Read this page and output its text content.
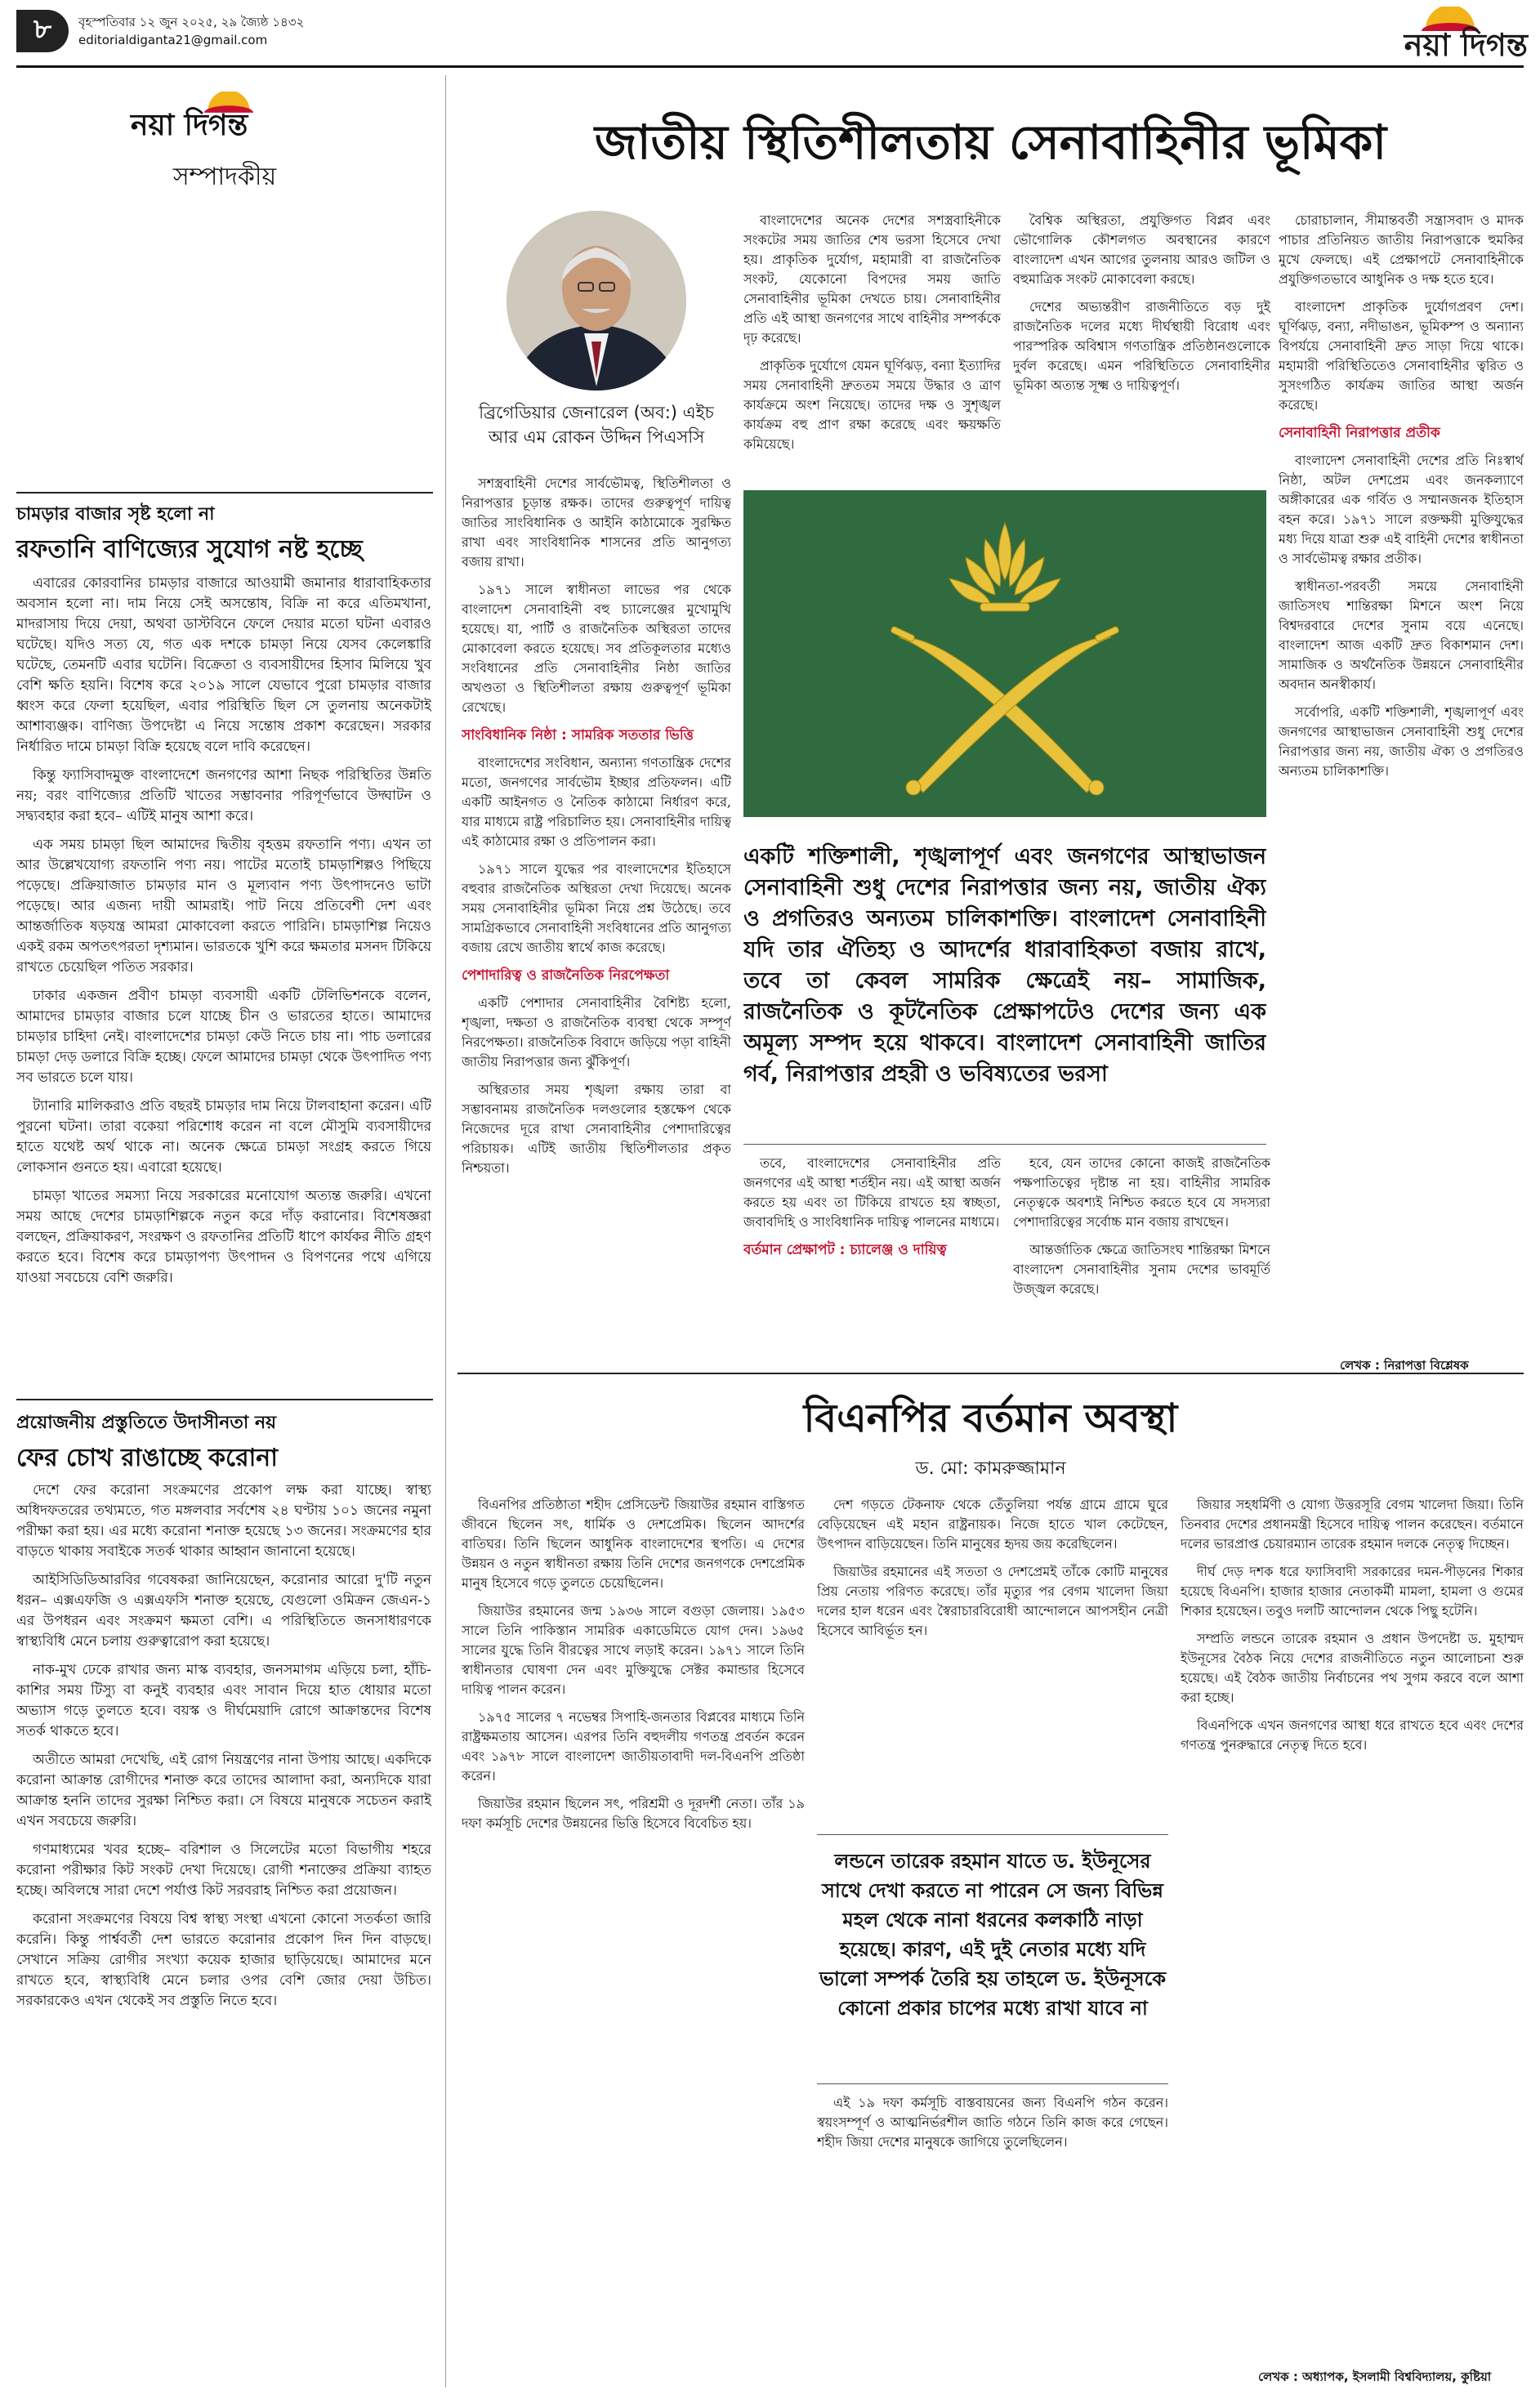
৮ বৃহস্পতিবার ১২ জুন ২০২৫, ২৯ জ্যৈষ্ঠ ১৪৩২
editorialdiganta21@gmail.com	নয়া দিগন্ত
নয়া দিগন্ত
সম্পাদকীয়
চামড়ার বাজার সৃষ্ট হলো না
রফতানি বাণিজ্যের সুযোগ নষ্ট হচ্ছে

এবারের কোরবানির চামড়ার বাজারে আওয়ামী জমানার ধারাবাহিকতার অবসান হলো না। দাম নিয়ে সেই অসন্তোষ, বিক্রি না করে এতিমখানা, মাদরাসায় দিয়ে দেয়া, অথবা ডাস্টবিনে ফেলে দেয়ার মতো ঘটনা এবারও ঘটেছে। যদিও সত্য যে, গত এক দশকে চামড়া নিয়ে যেসব কেলেঙ্কারি ঘটেছে, তেমনটি এবার ঘটেনি। বিক্রেতা ও ব্যবসায়ীদের হিসাব মিলিয়ে খুব বেশি ক্ষতি হয়নি। বিশেষ করে ২০১৯ সালে যেভাবে পুরো চামড়ার বাজার ধ্বংস করে ফেলা হয়েছিল, এবার পরিস্থিতি ছিল সে তুলনায় অনেকটাই আশাব্যঞ্জক। বাণিজ্য উপদেষ্টা এ নিয়ে সন্তোষ প্রকাশ করেছেন। সরকার নির্ধারিত দামে চামড়া বিক্রি হয়েছে বলে দাবি করেছেন।

কিন্তু ফ্যাসিবাদমুক্ত বাংলাদেশে জনগণের আশা নিছক পরিস্থিতির উন্নতি নয়; বরং বাণিজ্যের প্রতিটি খাতের সম্ভাবনার পরিপূর্ণভাবে উদ্ঘাটন ও সদ্ব্যবহার করা হবে– এটিই মানুষ আশা করে।

এক সময় চামড়া ছিল আমাদের দ্বিতীয় বৃহত্তম রফতানি পণ্য। এখন তা আর উল্লেখযোগ্য রফতানি পণ্য নয়। পাটের মতোই চামড়াশিল্পও পিছিয়ে পড়েছে। প্রক্রিয়াজাত চামড়ার মান ও মূল্যবান পণ্য উৎপাদনেও ভাটা পড়েছে। আর এজন্য দায়ী আমরাই। পাট নিয়ে প্রতিবেশী দেশ এবং আন্তর্জাতিক ষড়যন্ত্র আমরা মোকাবেলা করতে পারিনি। চামড়াশিল্প নিয়েও একই রকম অপতৎপরতা দৃশ্যমান। ভারতকে খুশি করে ক্ষমতার মসনদ টিকিয়ে রাখতে চেয়েছিল পতিত সরকার।

ঢাকার একজন প্রবীণ চামড়া ব্যবসায়ী একটি টেলিভিশনকে বলেন, আমাদের চামড়ার বাজার চলে যাচ্ছে চীন ও ভারতের হাতে। আমাদের চামড়ার চাহিদা নেই। বাংলাদেশের চামড়া কেউ নিতে চায় না। পাচ ডলারের চামড়া দেড় ডলারে বিক্রি হচ্ছে। ফেলে আমাদের চামড়া থেকে উৎপাদিত পণ্য সব ভারতে চলে যায়।

ট্যানারি মালিকরাও প্রতি বছরই চামড়ার দাম নিয়ে টালবাহানা করেন। এটি পুরনো ঘটনা। তারা বকেয়া পরিশোধ করেন না বলে মৌসুমি ব্যবসায়ীদের হাতে যথেষ্ট অর্থ থাকে না। অনেক ক্ষেত্রে চামড়া সংগ্রহ করতে গিয়ে লোকসান গুনতে হয়। এবারো হয়েছে।

চামড়া খাতের সমস্যা নিয়ে সরকারের মনোযোগ অত্যন্ত জরুরি। এখনো সময় আছে দেশের চামড়াশিল্পকে নতুন করে দাঁড় করানোর। বিশেষজ্ঞরা বলছেন, প্রক্রিয়াকরণ, সংরক্ষণ ও রফতানির প্রতিটি ধাপে কার্যকর নীতি গ্রহণ করতে হবে। বিশেষ করে চামড়াপণ্য উৎপাদন ও বিপণনের পথে এগিয়ে যাওয়া সবচেয়ে বেশি জরুরি।

প্রয়োজনীয় প্রস্তুতিতে উদাসীনতা নয়
ফের চোখ রাঙাচ্ছে করোনা

দেশে ফের করোনা সংক্রমণের প্রকোপ লক্ষ করা যাচ্ছে। স্বাস্থ্য অধিদফতরের তথ্যমতে, গত মঙ্গলবার সর্বশেষ ২৪ ঘণ্টায় ১০১ জনের নমুনা পরীক্ষা করা হয়। এর মধ্যে করোনা শনাক্ত হয়েছে ১৩ জনের। সংক্রমণের হার বাড়তে থাকায় সবাইকে সতর্ক থাকার আহ্বান জানানো হয়েছে।

আইসিডিডিআরবির গবেষকরা জানিয়েছেন, করোনার আরো দু'টি নতুন ধরন– এক্সএফজি ও এক্সএফসি শনাক্ত হয়েছে, যেগুলো ওমিক্রন জেএন-১ এর উপধরন এবং সংক্রমণ ক্ষমতা বেশি। এ পরিস্থিতিতে জনসাধারণকে স্বাস্থ্যবিধি মেনে চলায় গুরুত্বারোপ করা হয়েছে।

নাক-মুখ ঢেকে রাখার জন্য মাস্ক ব্যবহার, জনসমাগম এড়িয়ে চলা, হাঁচি-কাশির সময় টিস্যু বা কনুই ব্যবহার এবং সাবান দিয়ে হাত ধোয়ার মতো অভ্যাস গড়ে তুলতে হবে। বয়স্ক ও দীর্ঘমেয়াদি রোগে আক্রান্তদের বিশেষ সতর্ক থাকতে হবে।

অতীতে আমরা দেখেছি, এই রোগ নিয়ন্ত্রণের নানা উপায় আছে। একদিকে করোনা আক্রান্ত রোগীদের শনাক্ত করে তাদের আলাদা করা, অন্যদিকে যারা আক্রান্ত হননি তাদের সুরক্ষা নিশ্চিত করা। সে বিষয়ে মানুষকে সচেতন করাই এখন সবচেয়ে জরুরি।

গণমাধ্যমের খবর হচ্ছে– বরিশাল ও সিলেটের মতো বিভাগীয় শহরে করোনা পরীক্ষার কিট সংকট দেখা দিয়েছে। রোগী শনাক্তের প্রক্রিয়া ব্যাহত হচ্ছে। অবিলম্বে সারা দেশে পর্যাপ্ত কিট সরবরাহ নিশ্চিত করা প্রয়োজন।

করোনা সংক্রমণের বিষয়ে বিশ্ব স্বাস্থ্য সংস্থা এখনো কোনো সতর্কতা জারি করেনি। কিন্তু পার্শ্ববর্তী দেশ ভারতে করোনার প্রকোপ দিন দিন বাড়ছে। সেখানে সক্রিয় রোগীর সংখ্যা কয়েক হাজার ছাড়িয়েছে। আমাদের মনে রাখতে হবে, স্বাস্থ্যবিধি মেনে চলার ওপর বেশি জোর দেয়া উচিত। সরকারকেও এখন থেকেই সব প্রস্তুতি নিতে হবে।

জাতীয় স্থিতিশীলতায় সেনাবাহিনীর ভূমিকা
ব্রিগেডিয়ার জেনারেল (অব:) এইচ আর এম রোকন উদ্দিন পিএসসি

সশস্ত্রবাহিনী দেশের সার্বভৌমত্ব, স্থিতিশীলতা ও নিরাপত্তার চূড়ান্ত রক্ষক। তাদের গুরুত্বপূর্ণ দায়িত্ব জাতির সাংবিধানিক ও আইনি কাঠামোকে সুরক্ষিত রাখা এবং সাংবিধানিক শাসনের প্রতি আনুগত্য বজায় রাখা।

১৯৭১ সালে স্বাধীনতা লাভের পর থেকে বাংলাদেশ সেনাবাহিনী বহু চ্যালেঞ্জের মুখোমুখি হয়েছে। যা, পার্টি ও রাজনৈতিক অস্থিরতা তাদের মোকাবেলা করতে হয়েছে। সব প্রতিকূলতার মধ্যেও সংবিধানের প্রতি সেনাবাহিনীর নিষ্ঠা জাতির অখণ্ডতা ও স্থিতিশীলতা রক্ষায় গুরুত্বপূর্ণ ভূমিকা রেখেছে।

সাংবিধানিক নিষ্ঠা : সামরিক সততার ভিত্তি

বাংলাদেশের সংবিধান, অন্যান্য গণতান্ত্রিক দেশের মতো, জনগণের সার্বভৌম ইচ্ছার প্রতিফলন। এটি একটি আইনগত ও নৈতিক কাঠামো নির্ধারণ করে, যার মাধ্যমে রাষ্ট্র পরিচালিত হয়। সেনাবাহিনীর দায়িত্ব এই কাঠামোর রক্ষা ও প্রতিপালন করা।

১৯৭১ সালে যুদ্ধের পর বাংলাদেশের ইতিহাসে বহুবার রাজনৈতিক অস্থিরতা দেখা দিয়েছে। অনেক সময় সেনাবাহিনীর ভূমিকা নিয়ে প্রশ্ন উঠেছে। তবে সামগ্রিকভাবে সেনাবাহিনী সংবিধানের প্রতি আনুগত্য বজায় রেখে জাতীয় স্বার্থে কাজ করেছে।

পেশাদারিত্ব ও রাজনৈতিক নিরপেক্ষতা

একটি পেশাদার সেনাবাহিনীর বৈশিষ্ট্য হলো, শৃঙ্খলা, দক্ষতা ও রাজনৈতিক ব্যবস্থা থেকে সম্পূর্ণ নিরপেক্ষতা। রাজনৈতিক বিবাদে জড়িয়ে পড়া বাহিনী জাতীয় নিরাপত্তার জন্য ঝুঁকিপূর্ণ।

অস্থিরতার সময় শৃঙ্খলা রক্ষায় তারা বা সম্ভাবনাময় রাজনৈতিক দলগুলোর হস্তক্ষেপ থেকে নিজেদের দূরে রাখা সেনাবাহিনীর পেশাদারিত্বের পরিচায়ক। এটিই জাতীয় স্থিতিশীলতার প্রকৃত নিশ্চয়তা।

বাংলাদেশের অনেক দেশের সশস্ত্রবাহিনীকে সংকটের সময় জাতির শেষ ভরসা হিসেবে দেখা হয়। প্রাকৃতিক দুর্যোগ, মহামারী বা রাজনৈতিক সংকট, যেকোনো বিপদের সময় জাতি সেনাবাহিনীর ভূমিকা দেখতে চায়। সেনাবাহিনীর প্রতি এই আস্থা জনগণের সাথে বাহিনীর সম্পর্ককে দৃঢ় করেছে।

প্রাকৃতিক দুর্যোগে যেমন ঘূর্ণিঝড়, বন্যা ইত্যাদির সময় সেনাবাহিনী দ্রুততম সময়ে উদ্ধার ও ত্রাণ কার্যক্রমে অংশ নিয়েছে। তাদের দক্ষ ও সুশৃঙ্খল কার্যক্রম বহু প্রাণ রক্ষা করেছে এবং ক্ষয়ক্ষতি কমিয়েছে।

বৈশ্বিক অস্থিরতা, প্রযুক্তিগত বিপ্লব এবং ভৌগোলিক কৌশলগত অবস্থানের কারণে বাংলাদেশ এখন আগের তুলনায় আরও জটিল ও বহুমাত্রিক সংকট মোকাবেলা করছে।

দেশের অভ্যন্তরীণ রাজনীতিতে বড় দুই রাজনৈতিক দলের মধ্যে দীর্ঘস্থায়ী বিরোধ এবং পারস্পরিক অবিশ্বাস গণতান্ত্রিক প্রতিষ্ঠানগুলোকে দুর্বল করেছে। এমন পরিস্থিতিতে সেনাবাহিনীর ভূমিকা অত্যন্ত সূক্ষ্ম ও দায়িত্বপূর্ণ।

চোরাচালান, সীমান্তবর্তী সন্ত্রাসবাদ ও মাদক পাচার প্রতিনিয়ত জাতীয় নিরাপত্তাকে হুমকির মুখে ফেলছে। এই প্রেক্ষাপটে সেনাবাহিনীকে প্রযুক্তিগতভাবে আধুনিক ও দক্ষ হতে হবে।

বাংলাদেশ প্রাকৃতিক দুর্যোগপ্রবণ দেশ। ঘূর্ণিঝড়, বন্যা, নদীভাঙন, ভূমিকম্প ও অন্যান্য বিপর্যয়ে সেনাবাহিনী দ্রুত সাড়া দিয়ে থাকে। মহামারী পরিস্থিতিতেও সেনাবাহিনীর ত্বরিত ও সুসংগঠিত কার্যক্রম জাতির আস্থা অর্জন করেছে।

সেনাবাহিনী নিরাপত্তার প্রতীক

বাংলাদেশ সেনাবাহিনী দেশের প্রতি নিঃস্বার্থ নিষ্ঠা, অটল দেশপ্রেম এবং জনকল্যাণে অঙ্গীকারের এক গর্বিত ও সম্মানজনক ইতিহাস বহন করে। ১৯৭১ সালে রক্তক্ষয়ী মুক্তিযুদ্ধের মধ্য দিয়ে যাত্রা শুরু এই বাহিনী দেশের স্বাধীনতা ও সার্বভৌমত্ব রক্ষার প্রতীক।

স্বাধীনতা-পরবর্তী সময়ে সেনাবাহিনী জাতিসংঘ শান্তিরক্ষা মিশনে অংশ নিয়ে বিশ্বদরবারে দেশের সুনাম বয়ে এনেছে। বাংলাদেশ আজ একটি দ্রুত বিকাশমান দেশ। সামাজিক ও অর্থনৈতিক উন্নয়নে সেনাবাহিনীর অবদান অনস্বীকার্য।

সর্বোপরি, একটি শক্তিশালী, শৃঙ্খলাপূর্ণ এবং জনগণের আস্থাভাজন সেনাবাহিনী শুধু দেশের নিরাপত্তার জন্য নয়, জাতীয় ঐক্য ও প্রগতিরও অন্যতম চালিকাশক্তি।

লেখক : নিরাপত্তা বিশ্লেষক
একটি শক্তিশালী, শৃঙ্খলাপূর্ণ এবং জনগণের আস্থাভাজন সেনাবাহিনী শুধু দেশের নিরাপত্তার জন্য নয়, জাতীয় ঐক্য ও প্রগতিরও অন্যতম চালিকাশক্তি। বাংলাদেশ সেনাবাহিনী যদি তার ঐতিহ্য ও আদর্শের ধারাবাহিকতা বজায় রাখে, তবে তা কেবল সামরিক ক্ষেত্রেই নয়– সামাজিক, রাজনৈতিক ও কূটনৈতিক প্রেক্ষাপটেও দেশের জন্য এক অমূল্য সম্পদ হয়ে থাকবে। বাংলাদেশ সেনাবাহিনী জাতির গর্ব, নিরাপত্তার প্রহরী ও ভবিষ্যতের ভরসা

তবে, বাংলাদেশের সেনাবাহিনীর প্রতি জনগণের এই আস্থা শর্তহীন নয়। এই আস্থা অর্জন করতে হয় এবং তা টিকিয়ে রাখতে হয় স্বচ্ছতা, জবাবদিহি ও সাংবিধানিক দায়িত্ব পালনের মাধ্যমে।

বর্তমান প্রেক্ষাপট : চ্যালেঞ্জ ও দায়িত্ব

হবে, যেন তাদের কোনো কাজই রাজনৈতিক পক্ষপাতিত্বের দৃষ্টান্ত না হয়। বাহিনীর সামরিক নেতৃত্বকে অবশ্যই নিশ্চিত করতে হবে যে সদস্যরা পেশাদারিত্বের সর্বোচ্চ মান বজায় রাখছেন।

আন্তর্জাতিক ক্ষেত্রে জাতিসংঘ শান্তিরক্ষা মিশনে বাংলাদেশ সেনাবাহিনীর সুনাম দেশের ভাবমূর্তি উজ্জ্বল করেছে।

বিএনপির বর্তমান অবস্থা
ড. মো: কামরুজ্জামান

বিএনপির প্রতিষ্ঠাতা শহীদ প্রেসিডেন্ট জিয়াউর রহমান বাস্তিগত জীবনে ছিলেন সৎ, ধার্মিক ও দেশপ্রেমিক। ছিলেন আদর্শের বাতিঘর। তিনি ছিলেন আধুনিক বাংলাদেশের স্থপতি। এ দেশের উন্নয়ন ও নতুন স্বাধীনতা রক্ষায় তিনি দেশের জনগণকে দেশপ্রেমিক মানুষ হিসেবে গড়ে তুলতে চেয়েছিলেন।

জিয়াউর রহমানের জন্ম ১৯৩৬ সালে বগুড়া জেলায়। ১৯৫৩ সালে তিনি পাকিস্তান সামরিক একাডেমিতে যোগ দেন। ১৯৬৫ সালের যুদ্ধে তিনি বীরত্বের সাথে লড়াই করেন। ১৯৭১ সালে তিনি স্বাধীনতার ঘোষণা দেন এবং মুক্তিযুদ্ধে সেক্টর কমান্ডার হিসেবে দায়িত্ব পালন করেন।

১৯৭৫ সালের ৭ নভেম্বর সিপাহি-জনতার বিপ্লবের মাধ্যমে তিনি রাষ্ট্রক্ষমতায় আসেন। এরপর তিনি বহুদলীয় গণতন্ত্র প্রবর্তন করেন এবং ১৯৭৮ সালে বাংলাদেশ জাতীয়তাবাদী দল-বিএনপি প্রতিষ্ঠা করেন।

জিয়াউর রহমান ছিলেন সৎ, পরিশ্রমী ও দূরদর্শী নেতা। তাঁর ১৯ দফা কর্মসূচি দেশের উন্নয়নের ভিত্তি হিসেবে বিবেচিত হয়।

দেশ গড়তে টেকনাফ থেকে তেঁতুলিয়া পর্যন্ত গ্রামে গ্রামে ঘুরে বেড়িয়েছেন এই মহান রাষ্ট্রনায়ক। নিজে হাতে খাল কেটেছেন, উৎপাদন বাড়িয়েছেন। তিনি মানুষের হৃদয় জয় করেছিলেন।

জিয়াউর রহমানের এই সততা ও দেশপ্রেমই তাঁকে কোটি মানুষের প্রিয় নেতায় পরিণত করেছে। তাঁর মৃত্যুর পর বেগম খালেদা জিয়া দলের হাল ধরেন এবং স্বৈরাচারবিরোধী আন্দোলনে আপসহীন নেত্রী হিসেবে আবির্ভূত হন।

লন্ডনে তারেক রহমান যাতে ড. ইউনূসের সাথে দেখা করতে না পারেন সে জন্য বিভিন্ন মহল থেকে নানা ধরনের কলকাঠি নাড়া হয়েছে। কারণ, এই দুই নেতার মধ্যে যদি ভালো সম্পর্ক তৈরি হয় তাহলে ড. ইউনূসকে কোনো প্রকার চাপের মধ্যে রাখা যাবে না

এই ১৯ দফা কর্মসূচি বাস্তবায়নের জন্য বিএনপি গঠন করেন। স্বয়ংসম্পূর্ণ ও আত্মনির্ভরশীল জাতি গঠনে তিনি কাজ করে গেছেন। শহীদ জিয়া দেশের মানুষকে জাগিয়ে তুলেছিলেন।

জিয়ার সহধর্মিণী ও যোগ্য উত্তরসূরি বেগম খালেদা জিয়া। তিনি তিনবার দেশের প্রধানমন্ত্রী হিসেবে দায়িত্ব পালন করেছেন। বর্তমানে দলের ভারপ্রাপ্ত চেয়ারম্যান তারেক রহমান দলকে নেতৃত্ব দিচ্ছেন।

দীর্ঘ দেড় দশক ধরে ফ্যাসিবাদী সরকারের দমন-পীড়নের শিকার হয়েছে বিএনপি। হাজার হাজার নেতাকর্মী মামলা, হামলা ও গুমের শিকার হয়েছেন। তবুও দলটি আন্দোলন থেকে পিছু হটেনি।

সম্প্রতি লন্ডনে তারেক রহমান ও প্রধান উপদেষ্টা ড. মুহাম্মদ ইউনূসের বৈঠক নিয়ে দেশের রাজনীতিতে নতুন আলোচনা শুরু হয়েছে। এই বৈঠক জাতীয় নির্বাচনের পথ সুগম করবে বলে আশা করা হচ্ছে।

বিএনপিকে এখন জনগণের আস্থা ধরে রাখতে হবে এবং দেশের গণতন্ত্র পুনরুদ্ধারে নেতৃত্ব দিতে হবে।

লেখক : অধ্যাপক, ইসলামী বিশ্ববিদ্যালয়, কুষ্টিয়া
